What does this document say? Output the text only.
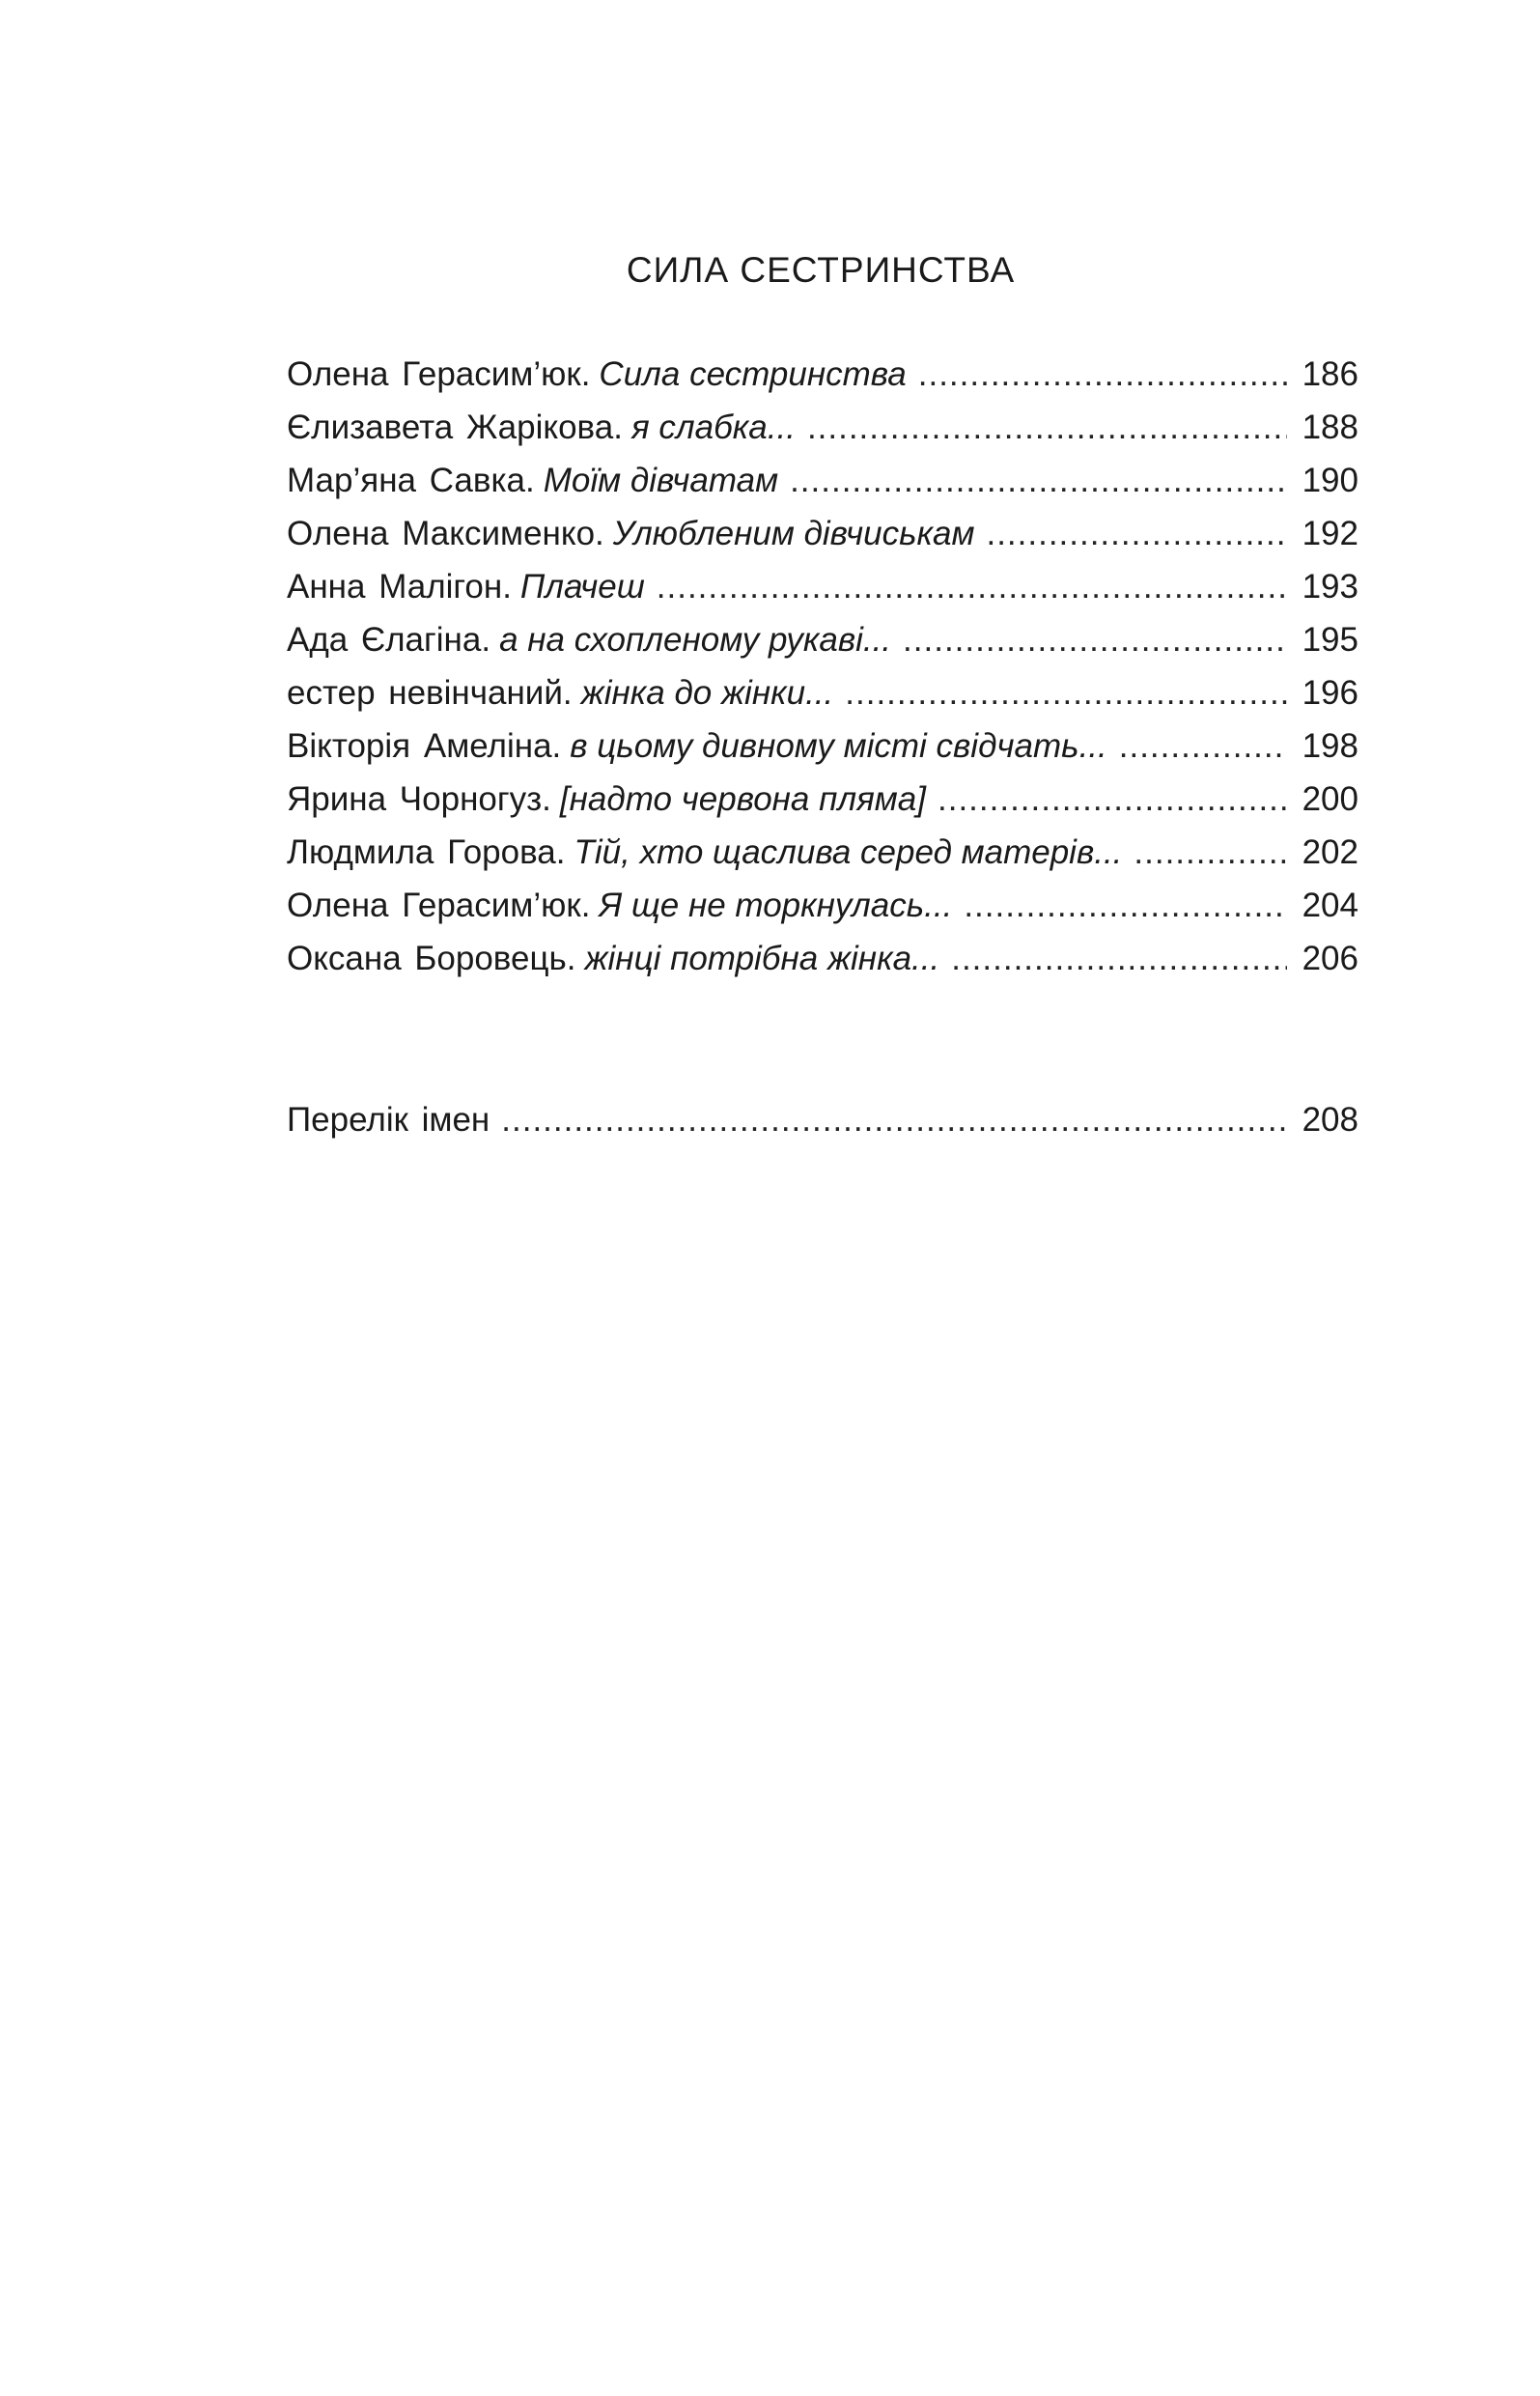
СИЛА СЕСТРИНСТВА
Олена Герасим’юк. Сила сестринства .....	186
Єлизавета Жарікова. я слабка... .....	188
Мар’яна Савка. Моїм дівчатам .....	190
Олена Максименко. Улюбленим дівчиськам .....	192
Анна Малігон. Плачеш .....	193
Ада Єлагіна. а на схопленому рукаві... .....	195
естер невінчаний. жінка до жінки... .....	196
Вікторія Амеліна. в цьому дивному місті свідчать... .....	198
Ярина Чорногуз. [надто червона пляма] .....	200
Людмила Горова. Тій, хто щаслива серед матерів... .....	202
Олена Герасим’юк. Я ще не торкнулась... .....	204
Оксана Боровець. жінці потрібна жінка... .....	206
Перелік імен .....	208
